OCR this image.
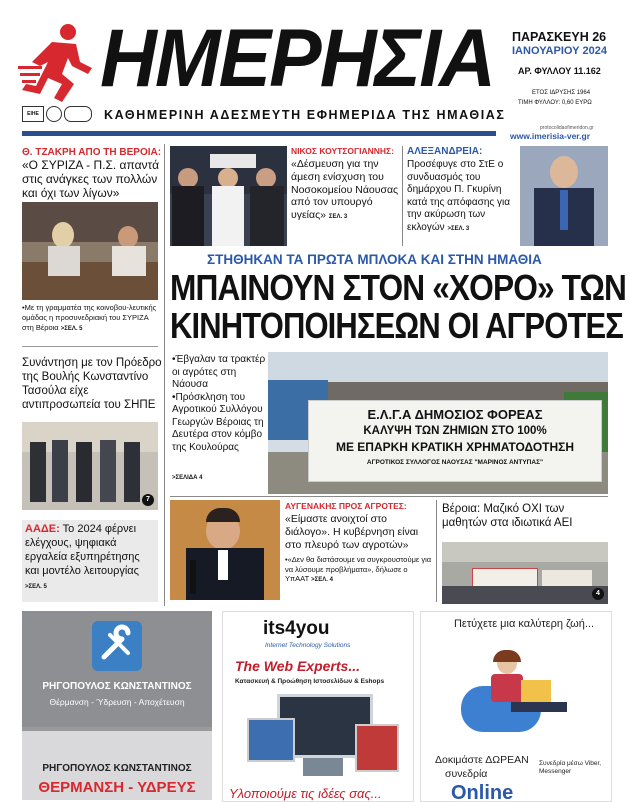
ΗΜΕΡΗΣΙΑ
ΕΙΗΕ	ΚΑΘΗΜΕΡΙΝΗ ΑΔΕΣΜΕΥΤΗ ΕΦΗΜΕΡΙΔΑ ΤΗΣ ΗΜΑΘΙΑΣ
ΠΑΡΑΣΚΕΥΗ 26
ΙΑΝΟΥΑΡΙΟΥ 2024
ΑΡ. ΦΥΛΛΟΥ 11.162
ΕΤΟΣ ΙΔΡΥΣΗΣ 1964
ΤΙΜΗ ΦΥΛΛΟΥ: 0,60 ΕΥΡΩ
protocolidaofimeridon.gr
www.imerisia-ver.gr
Θ. ΤΖΑΚΡΗ ΑΠΟ ΤΗ ΒΕΡΟΙΑ:
«Ο ΣΥΡΙΖΑ - Π.Σ. απαντά στις ανάγκες των πολλών και όχι των λίγων»
•Με τη γραμματέα της κοινοβου-λευτικής ομάδας η προσυνεδριακή του ΣΥΡΙΖΑ στη Βέροια >ΣΕΛ. 5
Συνάντηση με τον Πρόεδρο της Βουλής Κωνσταντίνο Τασούλα είχε αντιπροσωπεία του ΣΗΠΕ
7
ΑΑΔΕ: Το 2024 φέρνει ελέγχους, ψηφιακά εργαλεία εξυπηρέτησης και μοντέλο λειτουργίας
>ΣΕΛ. 5
ΝΙΚΟΣ ΚΟΥΤΣΟΓΙΑΝΝΗΣ:
«Δέσμευση για την άμεση ενίσχυση του Νοσοκομείου Νάουσας από τον υπουργό υγείας» ΣΕΛ. 3
ΑΛΕΞΑΝΔΡΕΙΑ:
Προσέφυγε στο ΣτΕ ο συνδυασμός του δημάρχου Π. Γκυρίνη κατά της απόφασης για την ακύρωση των εκλογών >ΣΕΛ. 3
ΣΤΗΘΗΚΑΝ ΤΑ ΠΡΩΤΑ ΜΠΛΟΚΑ ΚΑΙ ΣΤΗΝ ΗΜΑΘΙΑ
ΜΠΑΙΝΟΥΝ ΣΤΟΝ «ΧΟΡΟ» ΤΩΝ
ΚΙΝΗΤΟΠΟΙΗΣΕΩΝ ΟΙ ΑΓΡΟΤΕΣ
•Έβγαλαν τα τρακτέρ οι αγρότες στη Νάουσα
•Πρόσκληση του Αγροτικού Συλλόγου Γεωργών Βέροιας τη Δευτέρα στον κόμβο της Κουλούρας
>ΣΕΛΙΔΑ 4
Ε.Λ.Γ.Α ΔΗΜΟΣΙΟΣ ΦΟΡΕΑΣ
ΚΑΛΥΨΗ ΤΩΝ ΖΗΜΙΩΝ ΣΤΟ 100%
ΜΕ ΕΠΑΡΚΗ ΚΡΑΤΙΚΗ ΧΡΗΜΑΤΟΔΟΤΗΣΗ
ΑΓΡΟΤΙΚΟΣ ΣΥΛΛΟΓΟΣ ΝΑΟΥΣΑΣ "ΜΑΡΙΝΟΣ ΑΝΤΥΠΑΣ"
ΑΥΓΕΝΑΚΗΣ ΠΡΟΣ ΑΓΡΟΤΕΣ:
«Είμαστε ανοιχτοί στο διάλογο». Η κυβέρνηση είναι στο πλευρό των αγροτών»
•«Δεν θα διστάσουμε να συγκρουστούμε για να λύσουμε προβλήματα», δήλωσε ο ΥπΑΑΤ >ΣΕΛ. 4
Βέροια: Μαζικό ΟΧΙ των μαθητών στα ιδιωτικά ΑΕΙ
4
ΡΗΓΟΠΟΥΛΟΣ ΚΩΝΣΤΑΝΤΙΝΟΣ
Θέρμανση - Ύδρευση - Αποχέτευση
ΡΗΓΟΠΟΥΛΟΣ ΚΩΝΣΤΑΝΤΙΝΟΣ
ΘΕΡΜΑΝΣΗ - ΥΔΡΕΥΣ
its4you
Internet Technology Solutions
The Web Experts...
Κατασκευή & Προώθηση Ιστοσελίδων & Eshops
Υλοποιούμε τις ιδέες σας...
Πετύχετε μια καλύτερη ζωή...
Δοκιμάστε ΔΩΡΕΑΝ
συνεδρία
Συνεδρία μέσω Viber, Messenger
Online
